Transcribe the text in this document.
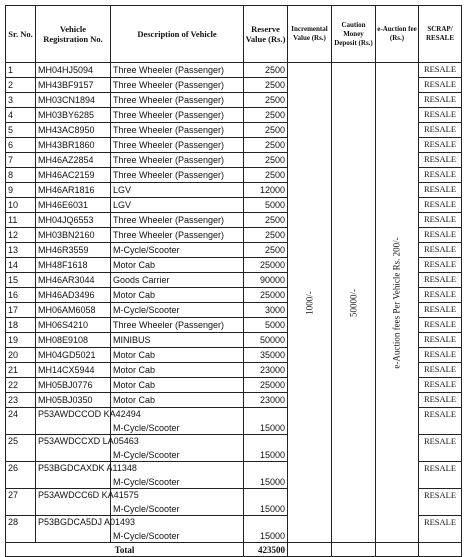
Sr. No.	Vehicle Registration No.	Description of Vehicle	Reserve Value (Rs.)	Incremental Value (Rs.)	Caution Money Deposit (Rs.)	e-Auction fee (Rs.)	SCRAP/ RESALE
1	MH04HJ5094	Three Wheeler (Passenger)	2500	1000/-	50000/-	e-Auction fees Per Vehicle Rs. 200/-	RESALE
2	MH43BF9157	Three Wheeler (Passenger)	2500				RESALE
3	MH03CN1894	Three Wheeler (Passenger)	2500				RESALE
4	MH03BY6285	Three Wheeler (Passenger)	2500				RESALE
5	MH43AC8950	Three Wheeler (Passenger)	2500				RESALE
6	MH43BR1860	Three Wheeler (Passenger)	2500				RESALE
7	MH46AZ2854	Three Wheeler (Passenger)	2500				RESALE
8	MH46AC2159	Three Wheeler (Passenger)	2500				RESALE
9	MH46AR1816	LGV	12000				RESALE
10	MH46E6031	LGV	5000				RESALE
11	MH04JQ6553	Three Wheeler (Passenger)	2500				RESALE
12	MH03BN2160	Three Wheeler (Passenger)	2500				RESALE
13	MH46R3559	M-Cycle/Scooter	2500				RESALE
14	MH48F1618	Motor Cab	25000				RESALE
15	MH46AR3044	Goods Carrier	90000				RESALE
16	MH46AD3496	Motor Cab	25000				RESALE
17	MH06AM6058	M-Cycle/Scooter	3000				RESALE
18	MH06S4210	Three Wheeler (Passenger)	5000				RESALE
19	MH08E9108	MINIBUS	50000				RESALE
20	MH04GD5021	Motor Cab	35000				RESALE
21	MH14CX5944	Motor Cab	23000				RESALE
22	MH05BJ0776	Motor Cab	25000				RESALE
23	MH05BJ0350	Motor Cab	23000				RESALE
24	P53AWDCCOD KA42494	M-Cycle/Scooter	15000				RESALE
25	P53AWDCCXD LA05463	M-Cycle/Scooter	15000				RESALE
26	P53BGDCAXDK A11348	M-Cycle/Scooter	15000				RESALE
27	P53AWDCC6D KA41575	M-Cycle/Scooter	15000				RESALE
28	P53BGDCA5DJ A01493	M-Cycle/Scooter	15000				RESALE
Total			423500				
